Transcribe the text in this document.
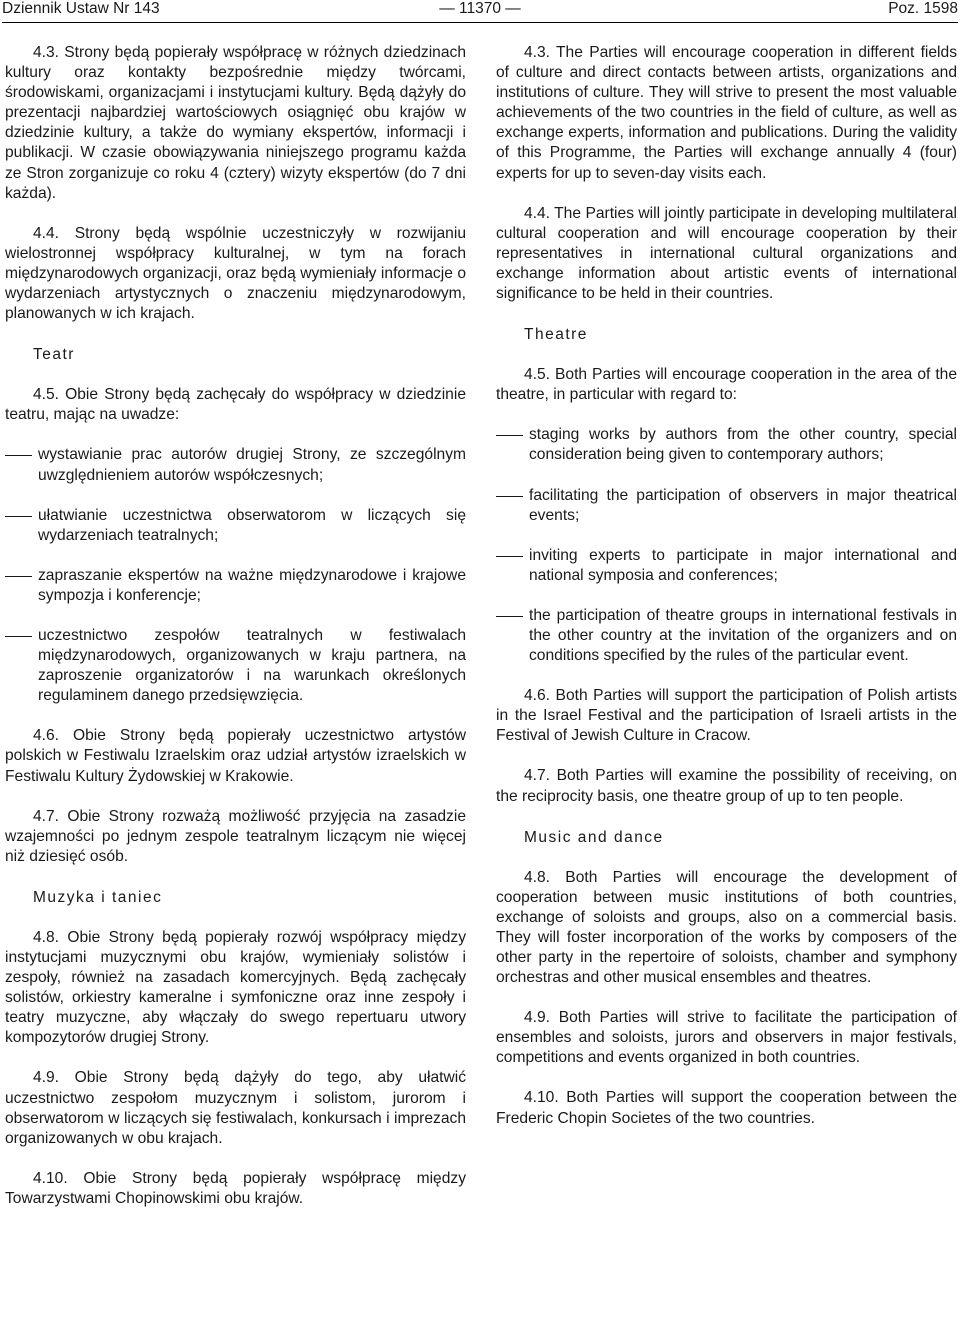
Dziennik Ustaw Nr 143	— 11370 —	Poz. 1598

4.3. Strony będą popierały współpracę w różnych dziedzinach kultury oraz kontakty bezpośrednie między twórcami, środowiskami, organizacjami i instytucjami kultury. Będą dążyły do prezentacji najbardziej wartościowych osiągnięć obu krajów w dziedzinie kultury, a także do wymiany ekspertów, informacji i publikacji. W czasie obowiązywania niniejszego programu każda ze Stron zorganizuje co roku 4 (cztery) wizyty ekspertów (do 7 dni każda).

4.4. Strony będą wspólnie uczestniczyły w rozwijaniu wielostronnej współpracy kulturalnej, w tym na forach międzynarodowych organizacji, oraz będą wymieniały informacje o wydarzeniach artystycznych o znaczeniu międzynarodowym, planowanych w ich krajach.

Teatr

4.5. Obie Strony będą zachęcały do współpracy w dziedzinie teatru, mając na uwadze:

wystawianie prac autorów drugiej Strony, ze szczególnym uwzględnieniem autorów współczesnych;

ułatwianie uczestnictwa obserwatorom w liczących się wydarzeniach teatralnych;

zapraszanie ekspertów na ważne międzynarodowe i krajowe sympozja i konferencje;

uczestnictwo zespołów teatralnych w festiwalach międzynarodowych, organizowanych w kraju partnera, na zaproszenie organizatorów i na warunkach określonych regulaminem danego przedsięwzięcia.

4.6. Obie Strony będą popierały uczestnictwo artystów polskich w Festiwalu Izraelskim oraz udział artystów izraelskich w Festiwalu Kultury Żydowskiej w Krakowie.

4.7. Obie Strony rozważą możliwość przyjęcia na zasadzie wzajemności po jednym zespole teatralnym liczącym nie więcej niż dziesięć osób.

Muzyka i taniec

4.8. Obie Strony będą popierały rozwój współpracy między instytucjami muzycznymi obu krajów, wymieniały solistów i zespoły, również na zasadach komercyjnych. Będą zachęcały solistów, orkiestry kameralne i symfoniczne oraz inne zespoły i teatry muzyczne, aby włączały do swego repertuaru utwory kompozytorów drugiej Strony.

4.9. Obie Strony będą dążyły do tego, aby ułatwić uczestnictwo zespołom muzycznym i solistom, jurorom i obserwatorom w liczących się festiwalach, konkursach i imprezach organizowanych w obu krajach.

4.10. Obie Strony będą popierały współpracę między Towarzystwami Chopinowskimi obu krajów.

4.3. The Parties will encourage cooperation in different fields of culture and direct contacts between artists, organizations and institutions of culture. They will strive to present the most valuable achievements of the two countries in the field of culture, as well as exchange experts, information and publications. During the validity of this Programme, the Parties will exchange annually 4 (four) experts for up to seven-day visits each.

4.4. The Parties will jointly participate in developing multilateral cultural cooperation and will encourage cooperation by their representatives in international cultural organizations and exchange information about artistic events of international significance to be held in their countries.

Theatre

4.5. Both Parties will encourage cooperation in the area of the theatre, in particular with regard to:

staging works by authors from the other country, special consideration being given to contemporary authors;

facilitating the participation of observers in major theatrical events;

inviting experts to participate in major international and national symposia and conferences;

the participation of theatre groups in international festivals in the other country at the invitation of the organizers and on conditions specified by the rules of the particular event.

4.6. Both Parties will support the participation of Polish artists in the Israel Festival and the participation of Israeli artists in the Festival of Jewish Culture in Cracow.

4.7. Both Parties will examine the possibility of receiving, on the reciprocity basis, one theatre group of up to ten people.

Music and dance

4.8. Both Parties will encourage the development of cooperation between music institutions of both countries, exchange of soloists and groups, also on a commercial basis. They will foster incorporation of the works by composers of the other party in the repertoire of soloists, chamber and symphony orchestras and other musical ensembles and theatres.

4.9. Both Parties will strive to facilitate the participation of ensembles and soloists, jurors and observers in major festivals, competitions and events organized in both countries.

4.10. Both Parties will support the cooperation between the Frederic Chopin Societes of the two countries.
